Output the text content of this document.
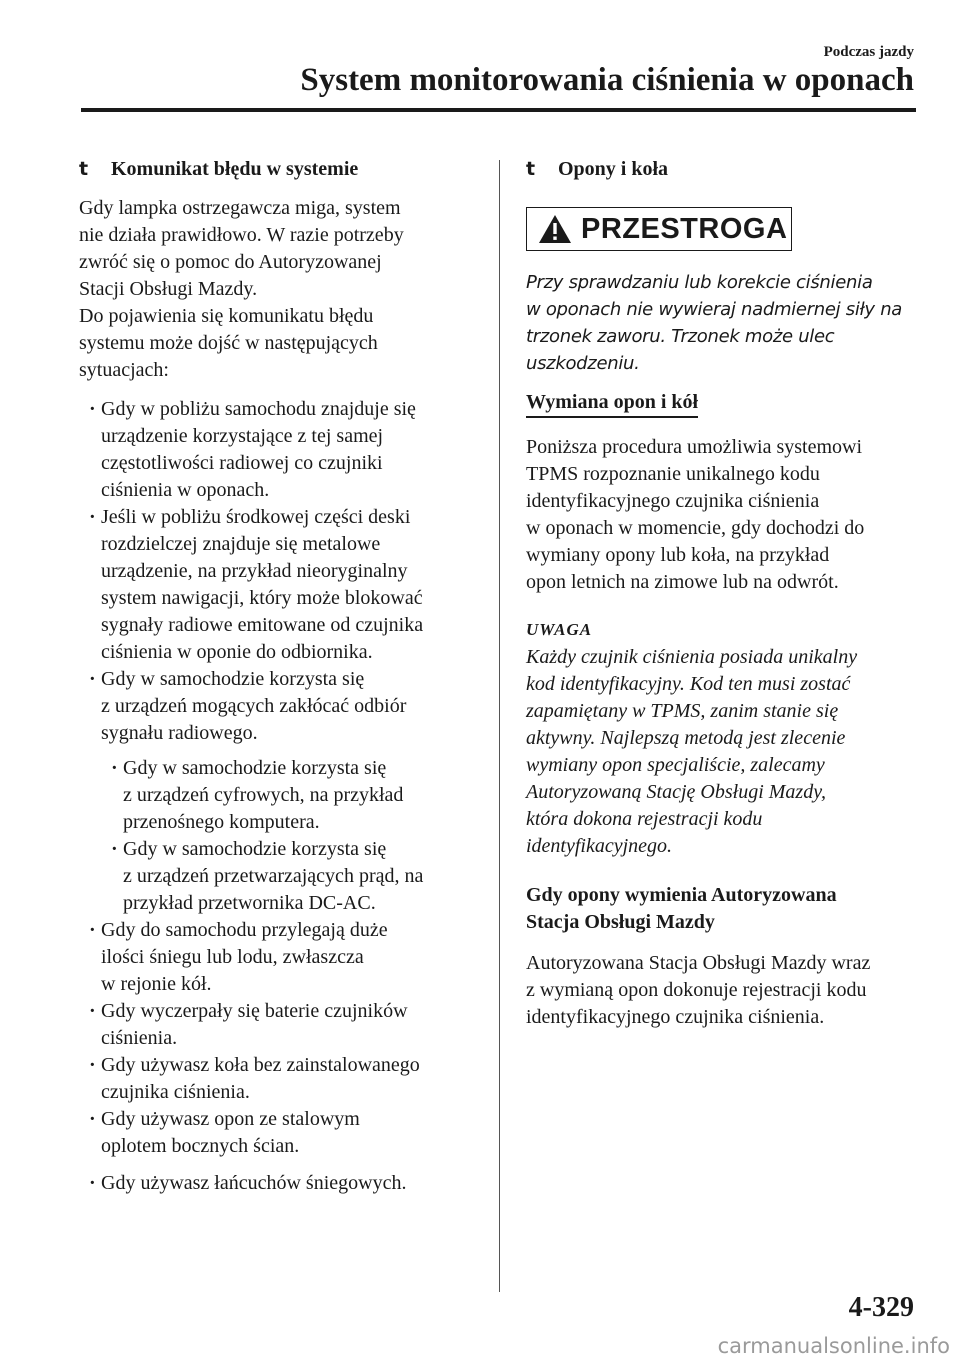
Podczas jazdy
System monitorowania ciśnienia w oponach
t	Komunikat błędu w systemie

Gdy lampka ostrzegawcza miga, system
nie działa prawidłowo. W razie potrzeby
zwróć się o pomoc do Autoryzowanej
Stacji Obsługi Mazdy.
Do pojawienia się komunikatu błędu
systemu może dojść w następujących
sytuacjach:

· Gdy w pobliżu samochodu znajduje się
urządzenie korzystające z tej samej
częstotliwości radiowej co czujniki
ciśnienia w oponach.
· Jeśli w pobliżu środkowej części deski
rozdzielczej znajduje się metalowe
urządzenie, na przykład nieoryginalny
system nawigacji, który może blokować
sygnały radiowe emitowane od czujnika
ciśnienia w oponie do odbiornika.
· Gdy w samochodzie korzysta się
z urządzeń mogących zakłócać odbiór
sygnału radiowego.
· Gdy w samochodzie korzysta się
z urządzeń cyfrowych, na przykład
przenośnego komputera.
· Gdy w samochodzie korzysta się
z urządzeń przetwarzających prąd, na
przykład przetwornika DC-AC.
· Gdy do samochodu przylegają duże
ilości śniegu lub lodu, zwłaszcza
w rejonie kół.
· Gdy wyczerpały się baterie czujników
ciśnienia.
· Gdy używasz koła bez zainstalowanego
czujnika ciśnienia.
· Gdy używasz opon ze stalowym
oplotem bocznych ścian.
· Gdy używasz łańcuchów śniegowych.
t	Opony i koła
PRZESTROGA

Przy sprawdzaniu lub korekcie ciśnienia
w oponach nie wywieraj nadmiernej siły na
trzonek zaworu. Trzonek może ulec
uszkodzeniu.

Wymiana opon i kół

Poniższa procedura umożliwia systemowi
TPMS rozpoznanie unikalnego kodu
identyfikacyjnego czujnika ciśnienia
w oponach w momencie, gdy dochodzi do
wymiany opony lub koła, na przykład
opon letnich na zimowe lub na odwrót.

UWAGA

Każdy czujnik ciśnienia posiada unikalny
kod identyfikacyjny. Kod ten musi zostać
zapamiętany w TPMS, zanim stanie się
aktywny. Najlepszą metodą jest zlecenie
wymiany opon specjaliście, zalecamy
Autoryzowaną Stację Obsługi Mazdy,
która dokona rejestracji kodu
identyfikacyjnego.

Gdy opony wymienia Autoryzowana
Stacja Obsługi Mazdy

Autoryzowana Stacja Obsługi Mazdy wraz
z wymianą opon dokonuje rejestracji kodu
identyfikacyjnego czujnika ciśnienia.

4-329
carmanualsonline.info
